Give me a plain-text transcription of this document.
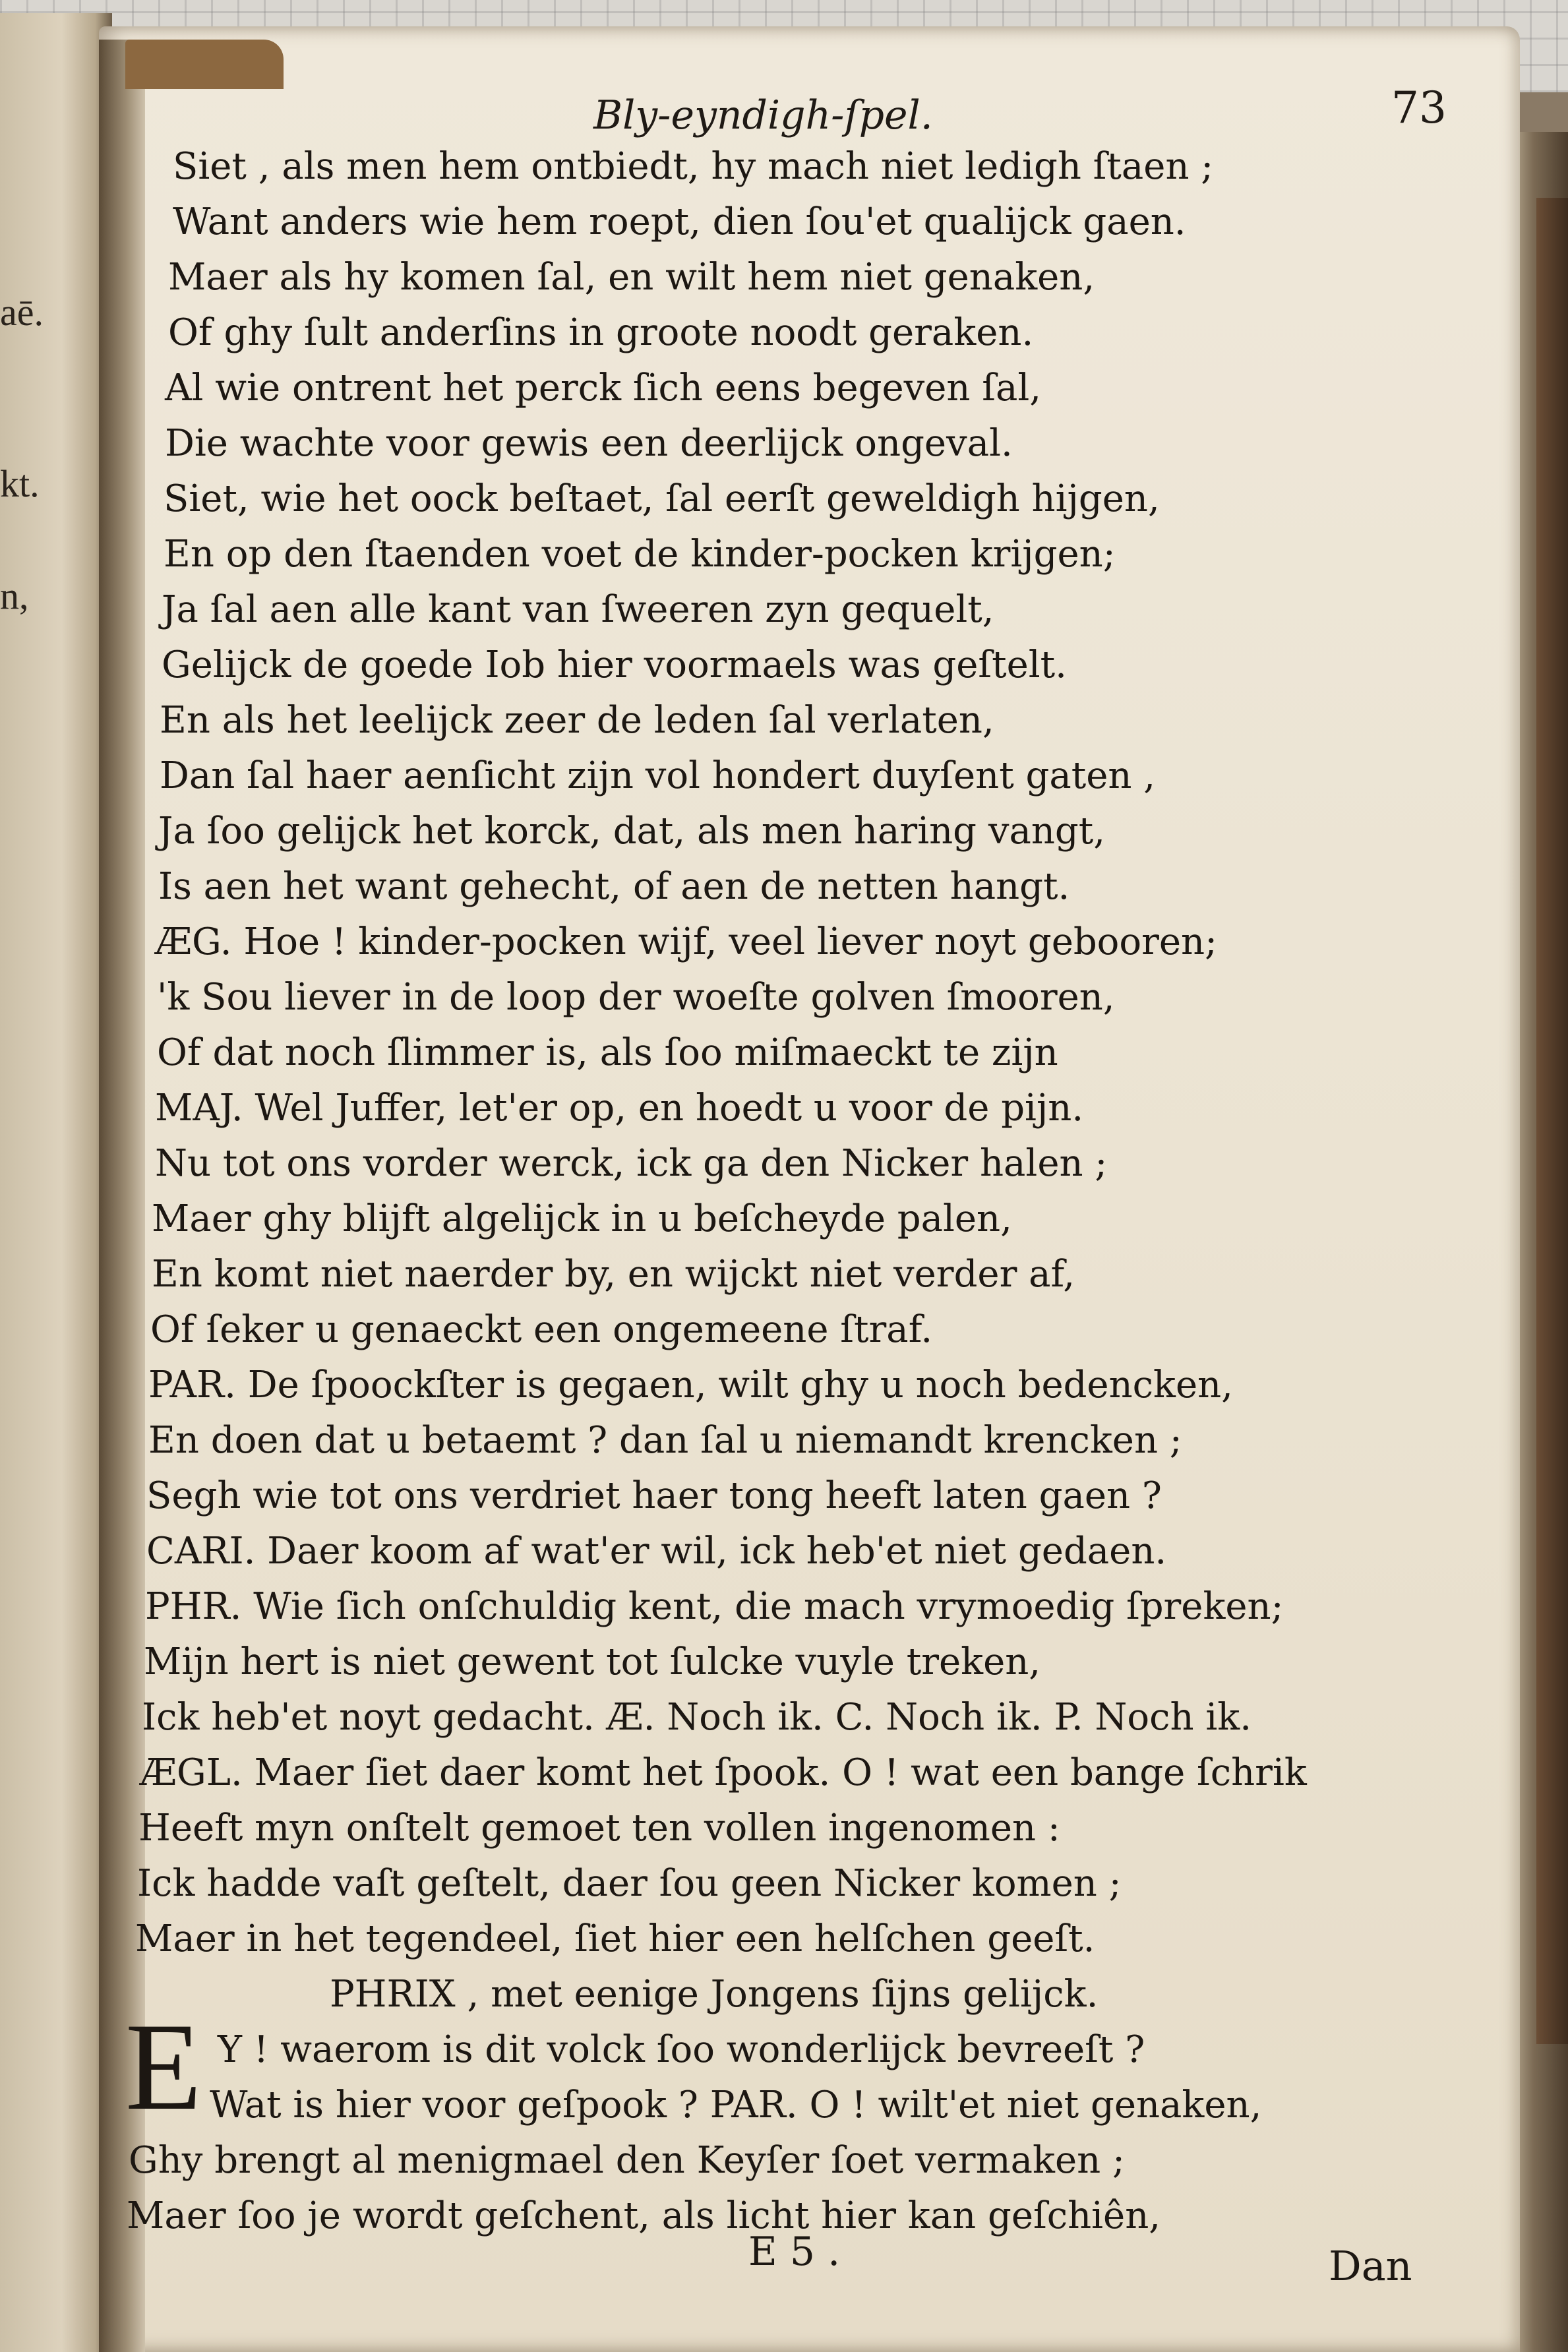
aē.
kt.
n,
Bly-eyndigh-ſpel.	73
Siet , als men hem ontbiedt, hy mach niet ledigh ſtaen ;
Want anders wie hem roept, dien ſou'et qualijck gaen.
Maer als hy komen ſal, en wilt hem niet genaken,
Of ghy ſult anderſins in groote noodt geraken.
Al wie ontrent het perck ſich eens begeven ſal,
Die wachte voor gewis een deerlijck ongeval.
Siet, wie het oock beſtaet, ſal eerſt geweldigh hijgen,
En op den ſtaenden voet de kinder-pocken krijgen;
Ja ſal aen alle kant van ſweeren zyn gequelt,
Gelijck de goede Iob hier voormaels was geſtelt.
En als het leelijck zeer de leden ſal verlaten,
Dan ſal haer aenſicht zijn vol hondert duyſent gaten ,
Ja ſoo gelijck het korck, dat, als men haring vangt,
Is aen het want gehecht, of aen de netten hangt.
ÆG. Hoe ! kinder-pocken wijf, veel liever noyt gebooren;
'k Sou liever in de loop der woeſte golven ſmooren,
Of dat noch ſlimmer is, als ſoo miſmaeckt te zijn
MAJ. Wel Juffer, let'er op, en hoedt u voor de pijn.
Nu tot ons vorder werck, ick ga den Nicker halen ;
Maer ghy blijft algelijck in u beſcheyde palen,
En komt niet naerder by, en wijckt niet verder af,
Of ſeker u genaeckt een ongemeene ſtraf.
PAR. De ſpoockſter is gegaen, wilt ghy u noch bedencken,
En doen dat u betaemt ? dan ſal u niemandt krencken ;
Segh wie tot ons verdriet haer tong heeft laten gaen ?
CARI. Daer koom af wat'er wil, ick heb'et niet gedaen.
PHR. Wie ſich onſchuldig kent, die mach vrymoedig ſpreken;
Mijn hert is niet gewent tot ſulcke vuyle treken,
Ick heb'et noyt gedacht. Æ. Noch ik. C. Noch ik. P. Noch ik.
ÆGL. Maer ſiet daer komt het ſpook. O ! wat een bange ſchrik
Heeft myn onſtelt gemoet ten vollen ingenomen :
Ick hadde vaſt geſtelt, daer ſou geen Nicker komen ;
Maer in het tegendeel, ſiet hier een helſchen geeſt.
PHRIX , met eenige Jongens ſijns gelijck.
E Y ! waerom is dit volck ſoo wonderlijck bevreeſt ?
Wat is hier voor geſpook ? PAR. O ! wilt'et niet genaken,
Ghy brengt al menigmael den Keyſer ſoet vermaken ;
Maer ſoo je wordt geſchent, als licht hier kan geſchiên,
E 5 .	Dan
